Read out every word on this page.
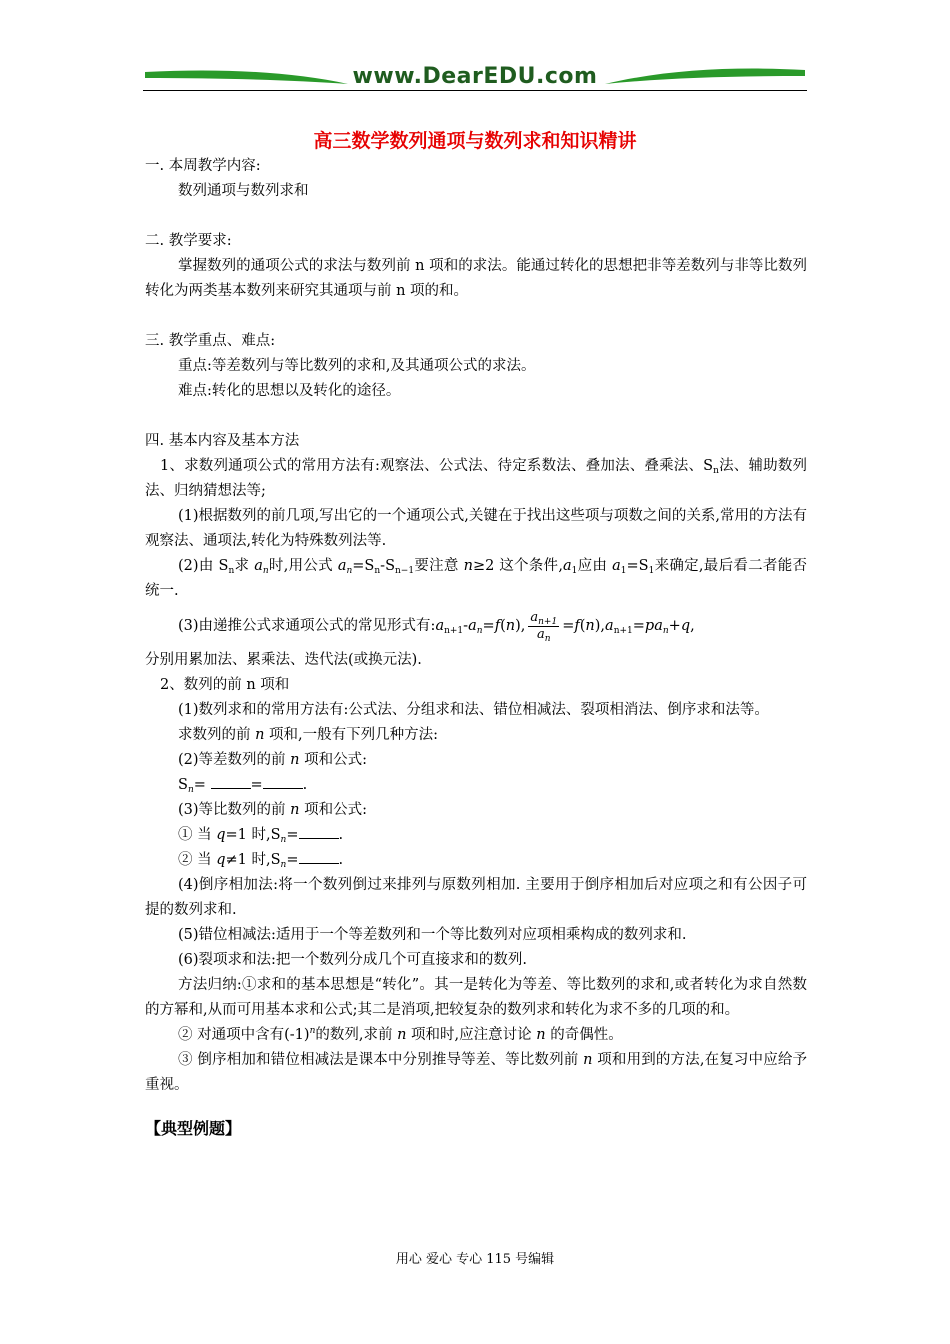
www.DearEDU.com
高三数学数列通项与数列求和知识精讲

一. 本周教学内容:

数列通项与数列求和

二. 教学要求:

掌握数列的通项公式的求法与数列前 n 项和的求法。能通过转化的思想把非等差数列与非等比数列转化为两类基本数列来研究其通项与前 n 项的和。

三. 教学重点、难点:

重点:等差数列与等比数列的求和,及其通项公式的求法。

难点:转化的思想以及转化的途径。

四. 基本内容及基本方法

1、求数列通项公式的常用方法有:观察法、公式法、待定系数法、叠加法、叠乘法、$S_n$法、辅助数列法、归纳猜想法等;

(1)根据数列的前几项,写出它的一个通项公式,关键在于找出这些项与项数之间的关系,常用的方法有观察法、通项法,转化为特殊数列法等.

(2)由 $S_n$求 $a_n$时,用公式 $a_n=S_n-S_{n-1}$要注意 n≥2 这个条件$,a_1$应由 $a_1=S_1$来确定,最后看二者能否统一.

(3)由递推公式求通项公式的常见形式有$:a_{n+1}-a_n=f(n)$, $\frac{a_{n+1}}{a_n} =f(n),a_{n+1}=pa_n+q$,

分别用累加法、累乘法、迭代法(或换元法).

2、数列的前 n 项和

(1)数列求和的常用方法有:公式法、分组求和法、错位相减法、裂项相消法、倒序求和法等。

求数列的前 n 项和,一般有下列几种方法:

(2)等差数列的前 n 项和公式:

$S_n=$	=	.

(3)等比数列的前 n 项和公式:

① 当 q=1 时$,S_n=$	.

② 当 q≠1 时$,S_n=$	.

(4)倒序相加法:将一个数列倒过来排列与原数列相加. 主要用于倒序相加后对应项之和有公因子可提的数列求和.

(5)错位相减法:适用于一个等差数列和一个等比数列对应项相乘构成的数列求和.

(6)裂项求和法:把一个数列分成几个可直接求和的数列.

方法归纳:①求和的基本思想是“转化”。其一是转化为等差、等比数列的求和,或者转化为求自然数的方幂和,从而可用基本求和公式;其二是消项,把较复杂的数列求和转化为求不多的几项的和。

② 对通项中含有$(-1)^n$的数列,求前 n 项和时,应注意讨论 n 的奇偶性。

③ 倒序相加和错位相减法是课本中分别推导等差、等比数列前 n 项和用到的方法,在复习中应给予重视。

【典型例题】
用心 爱心 专心 115 号编辑
